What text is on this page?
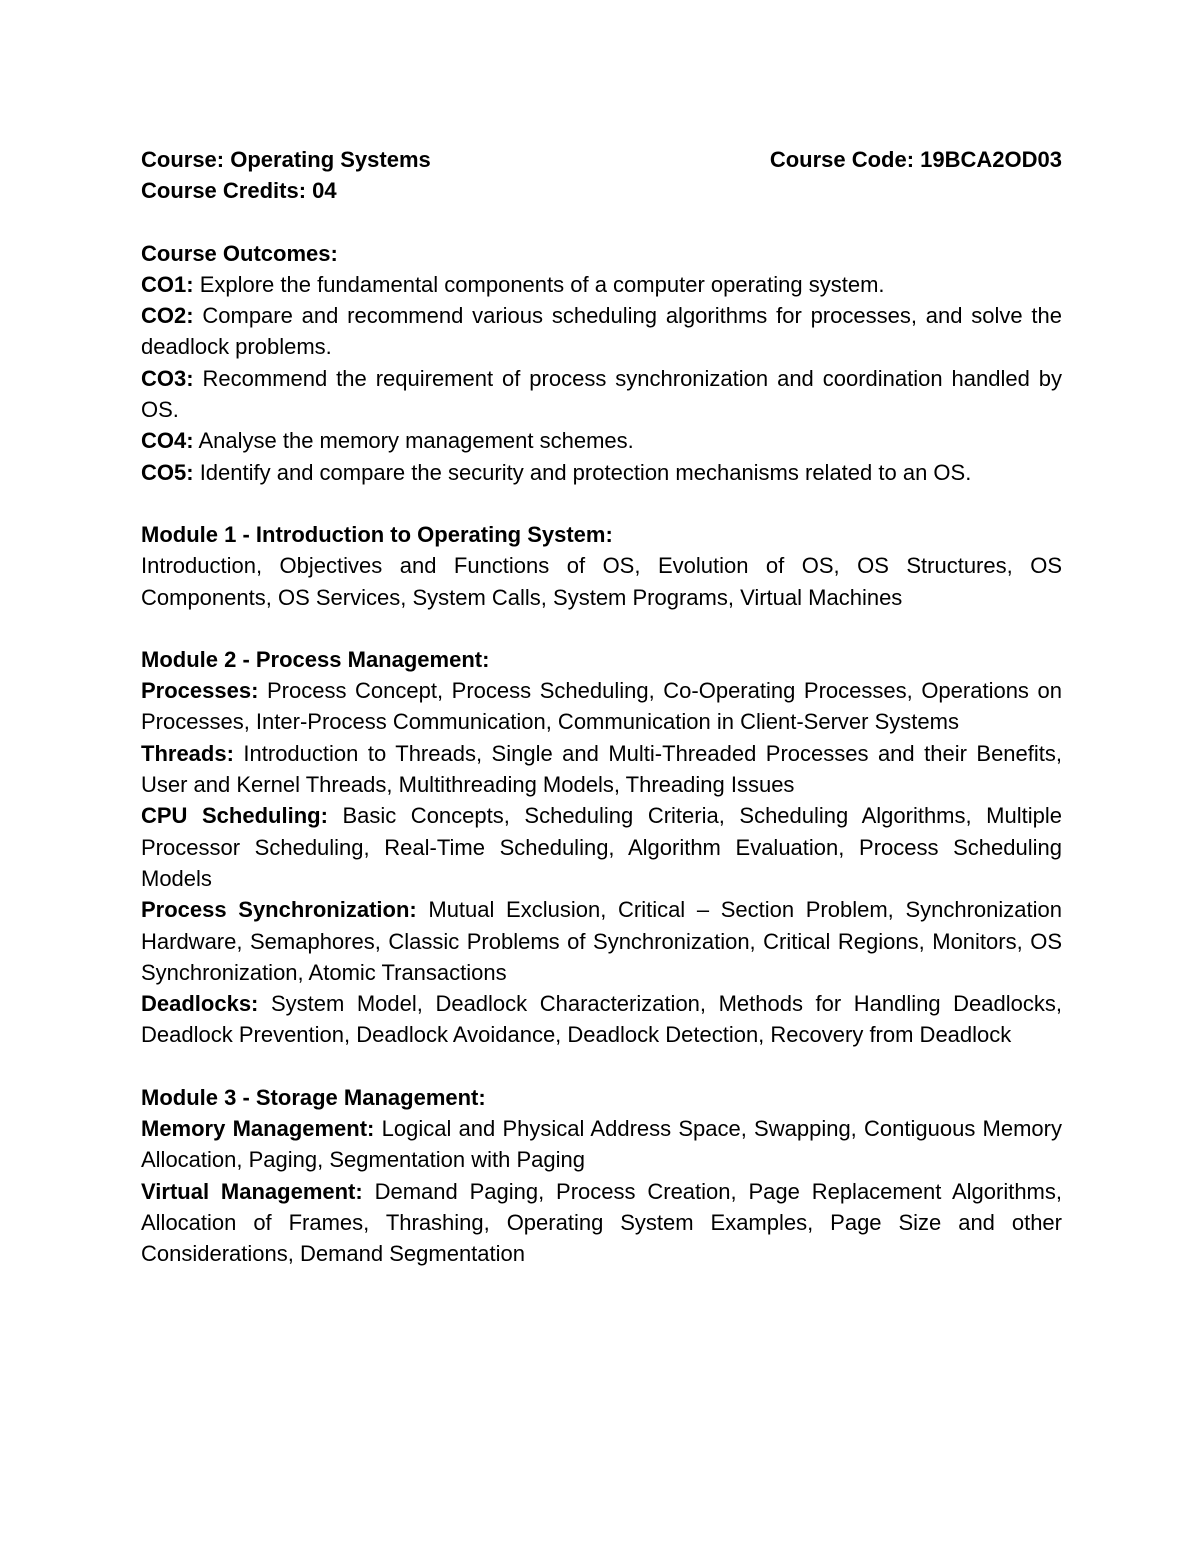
Course: Operating Systems	Course Code: 19BCA2OD03
Course Credits: 04
Course Outcomes:

CO1: Explore the fundamental components of a computer operating system.

CO2: Compare and recommend various scheduling algorithms for processes, and solve the deadlock problems.

CO3: Recommend the requirement of process synchronization and coordination handled by OS.

CO4: Analyse the memory management schemes.

CO5: Identify and compare the security and protection mechanisms related to an OS.

Module 1 - Introduction to Operating System:

Introduction, Objectives and Functions of OS, Evolution of OS, OS Structures, OS Components, OS Services, System Calls, System Programs, Virtual Machines

Module 2 - Process Management:

Processes: Process Concept, Process Scheduling, Co-Operating Processes, Operations on Processes, Inter-Process Communication, Communication in Client-Server Systems

Threads: Introduction to Threads, Single and Multi-Threaded Processes and their Benefits, User and Kernel Threads, Multithreading Models, Threading Issues

CPU Scheduling: Basic Concepts, Scheduling Criteria, Scheduling Algorithms, Multiple Processor Scheduling, Real-Time Scheduling, Algorithm Evaluation, Process Scheduling Models

Process Synchronization: Mutual Exclusion, Critical – Section Problem, Synchronization Hardware, Semaphores, Classic Problems of Synchronization, Critical Regions, Monitors, OS Synchronization, Atomic Transactions

Deadlocks: System Model, Deadlock Characterization, Methods for Handling Deadlocks, Deadlock Prevention, Deadlock Avoidance, Deadlock Detection, Recovery from Deadlock

Module 3 - Storage Management:

Memory Management: Logical and Physical Address Space, Swapping, Contiguous Memory Allocation, Paging, Segmentation with Paging

Virtual Management: Demand Paging, Process Creation, Page Replacement Algorithms, Allocation of Frames, Thrashing, Operating System Examples, Page Size and other Considerations, Demand Segmentation
